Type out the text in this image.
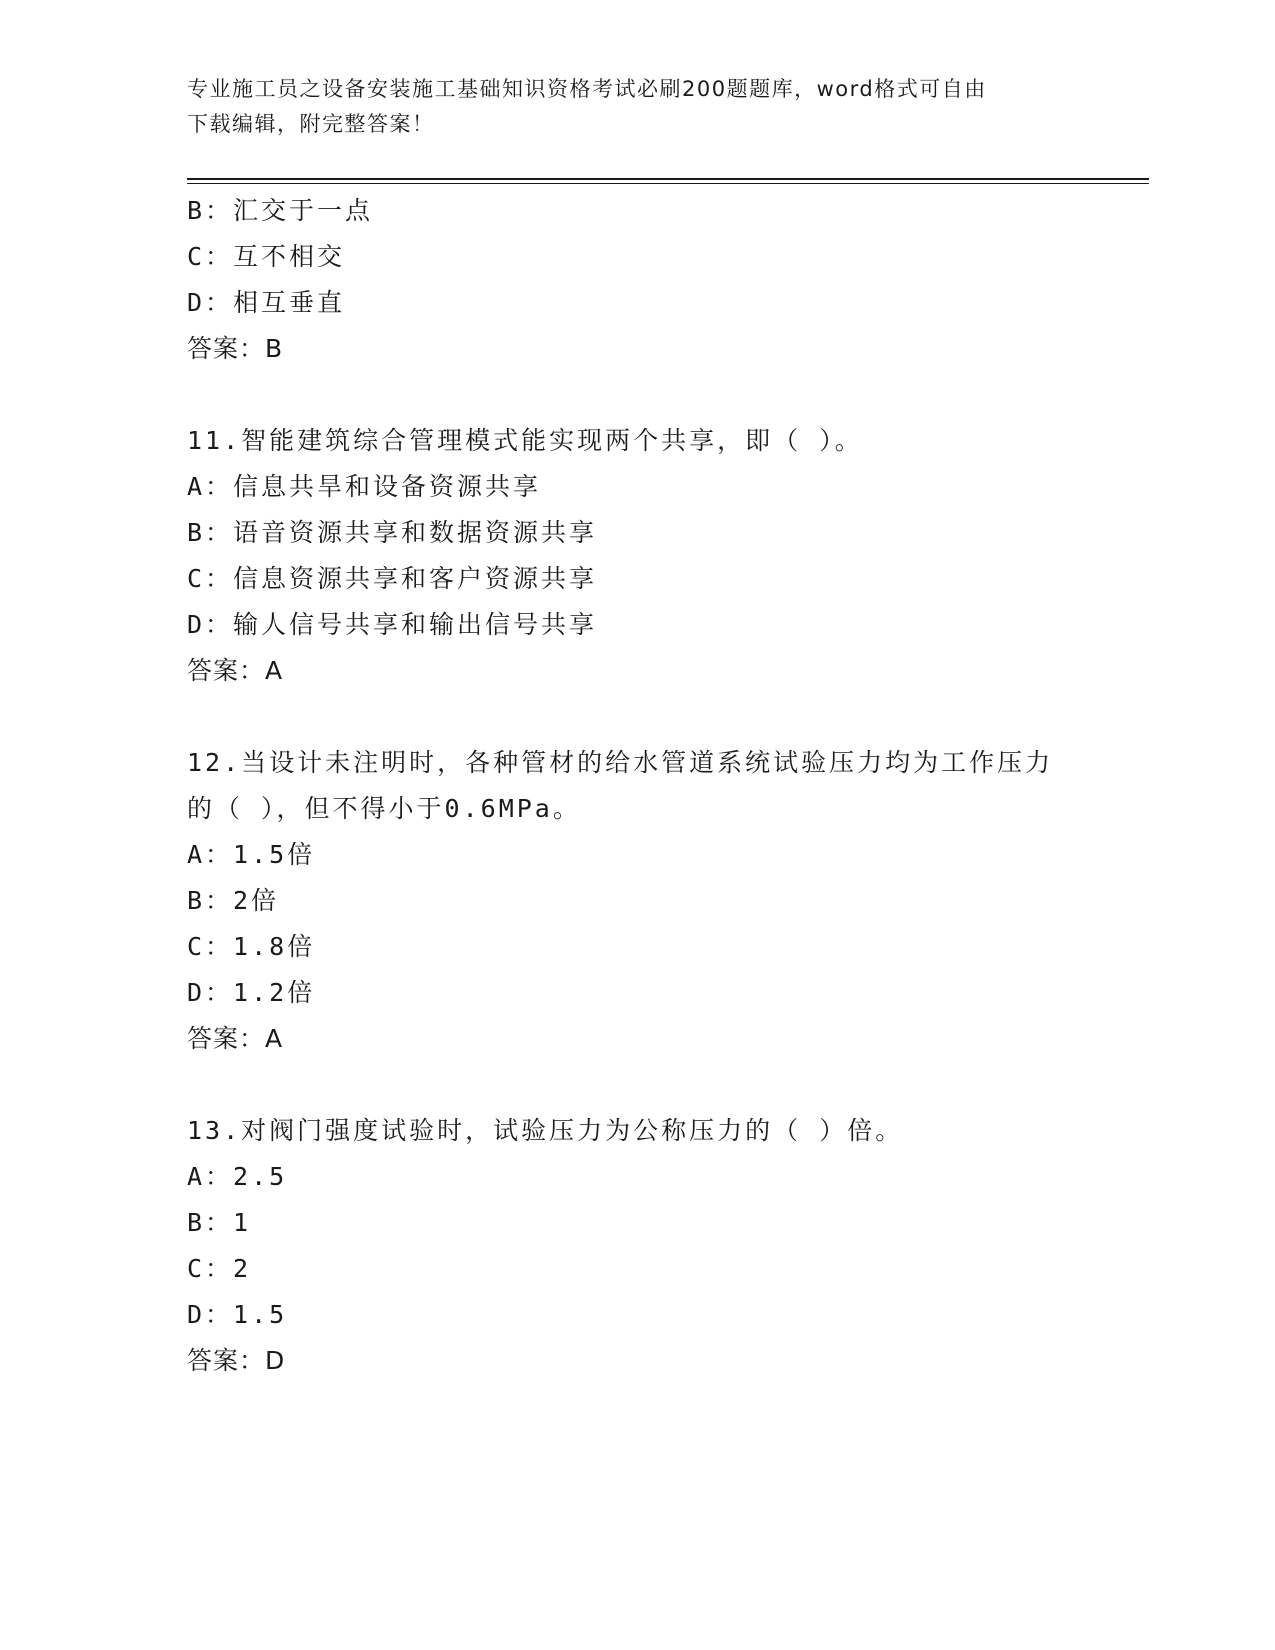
专业施工员之设备安装施工基础知识资格考试必刷200题题库，word格式可自由
下载编辑，附完整答案！
B：汇交于一点
C：互不相交
D：相互垂直
答案：B
11.智能建筑综合管理模式能实现两个共享，即（ ）。
A：信息共旱和设备资源共享
B：语音资源共享和数据资源共享
C：信息资源共享和客户资源共享
D：输人信号共享和输出信号共享
答案：A
12.当设计未注明时，各种管材的给水管道系统试验压力均为工作压力
的（ ），但不得小于0.6MPa。
A：1.5倍
B：2倍
C：1.8倍
D：1.2倍
答案：A
13.对阀门强度试验时，试验压力为公称压力的（ ）倍。
A：2.5
B：1
C：2
D：1.5
答案：D
